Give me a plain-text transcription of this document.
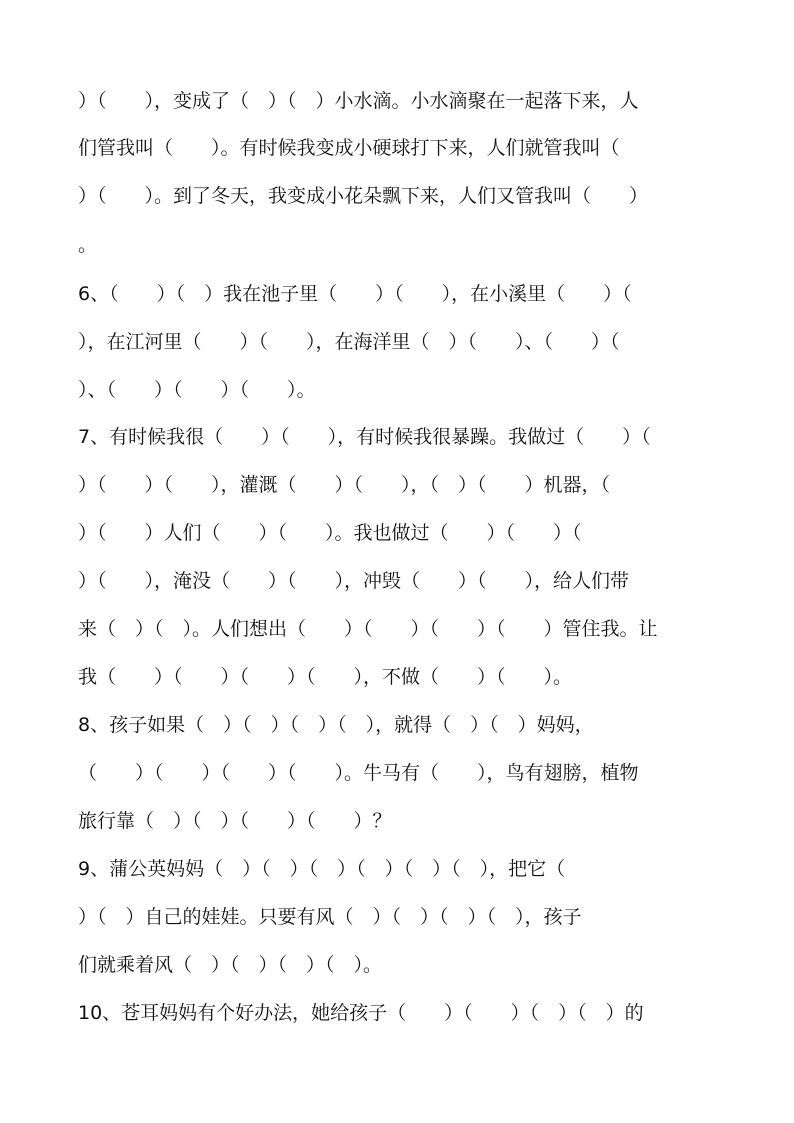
）（　　），变成了（　）（　）小水滴。小水滴聚在一起落下来，人
们管我叫（　　）。有时候我变成小硬球打下来，人们就管我叫（
）（　　）。到了冬天，我变成小花朵飘下来，人们又管我叫（　　）
。
6、（　　）（　）我在池子里（　　）（　　），在小溪里（　　）（
），在江河里（　　）（　　），在海洋里（　）（　　）、（　　）（
）、（　　）（　　）（　　）。
7、有时候我很（　　）（　　），有时候我很暴躁。我做过（　　）（
）（　　）（　　），灌溉（　　）（　　），（　）（　　）机器，（
）（　　）人们（　　）（　　）。我也做过（　　）（　　）（
）（　　），淹没（　　）（　　），冲毁（　　）（　　），给人们带
来（　）（　）。人们想出（　　）（　　）（　　）（　　）管住我。让
我（　　）（　　）（　　）（　　），不做（　　）（　　）。
8、孩子如果（　）（　）（　）（　），就得（　）（　）妈妈，
（　　）（　　）（　　）（　　）。牛马有（　　），鸟有翅膀，植物
旅行靠（　）（　）（　　）（　　）？
9、蒲公英妈妈（　）（　）（　）（　）（　）（　），把它（
）（　）自己的娃娃。只要有风（　）（　）（　）（　），孩子
们就乘着风（　）（　）（　）（　）。
10、苍耳妈妈有个好办法，她给孩子（　　）（　　）（　）（　）的
